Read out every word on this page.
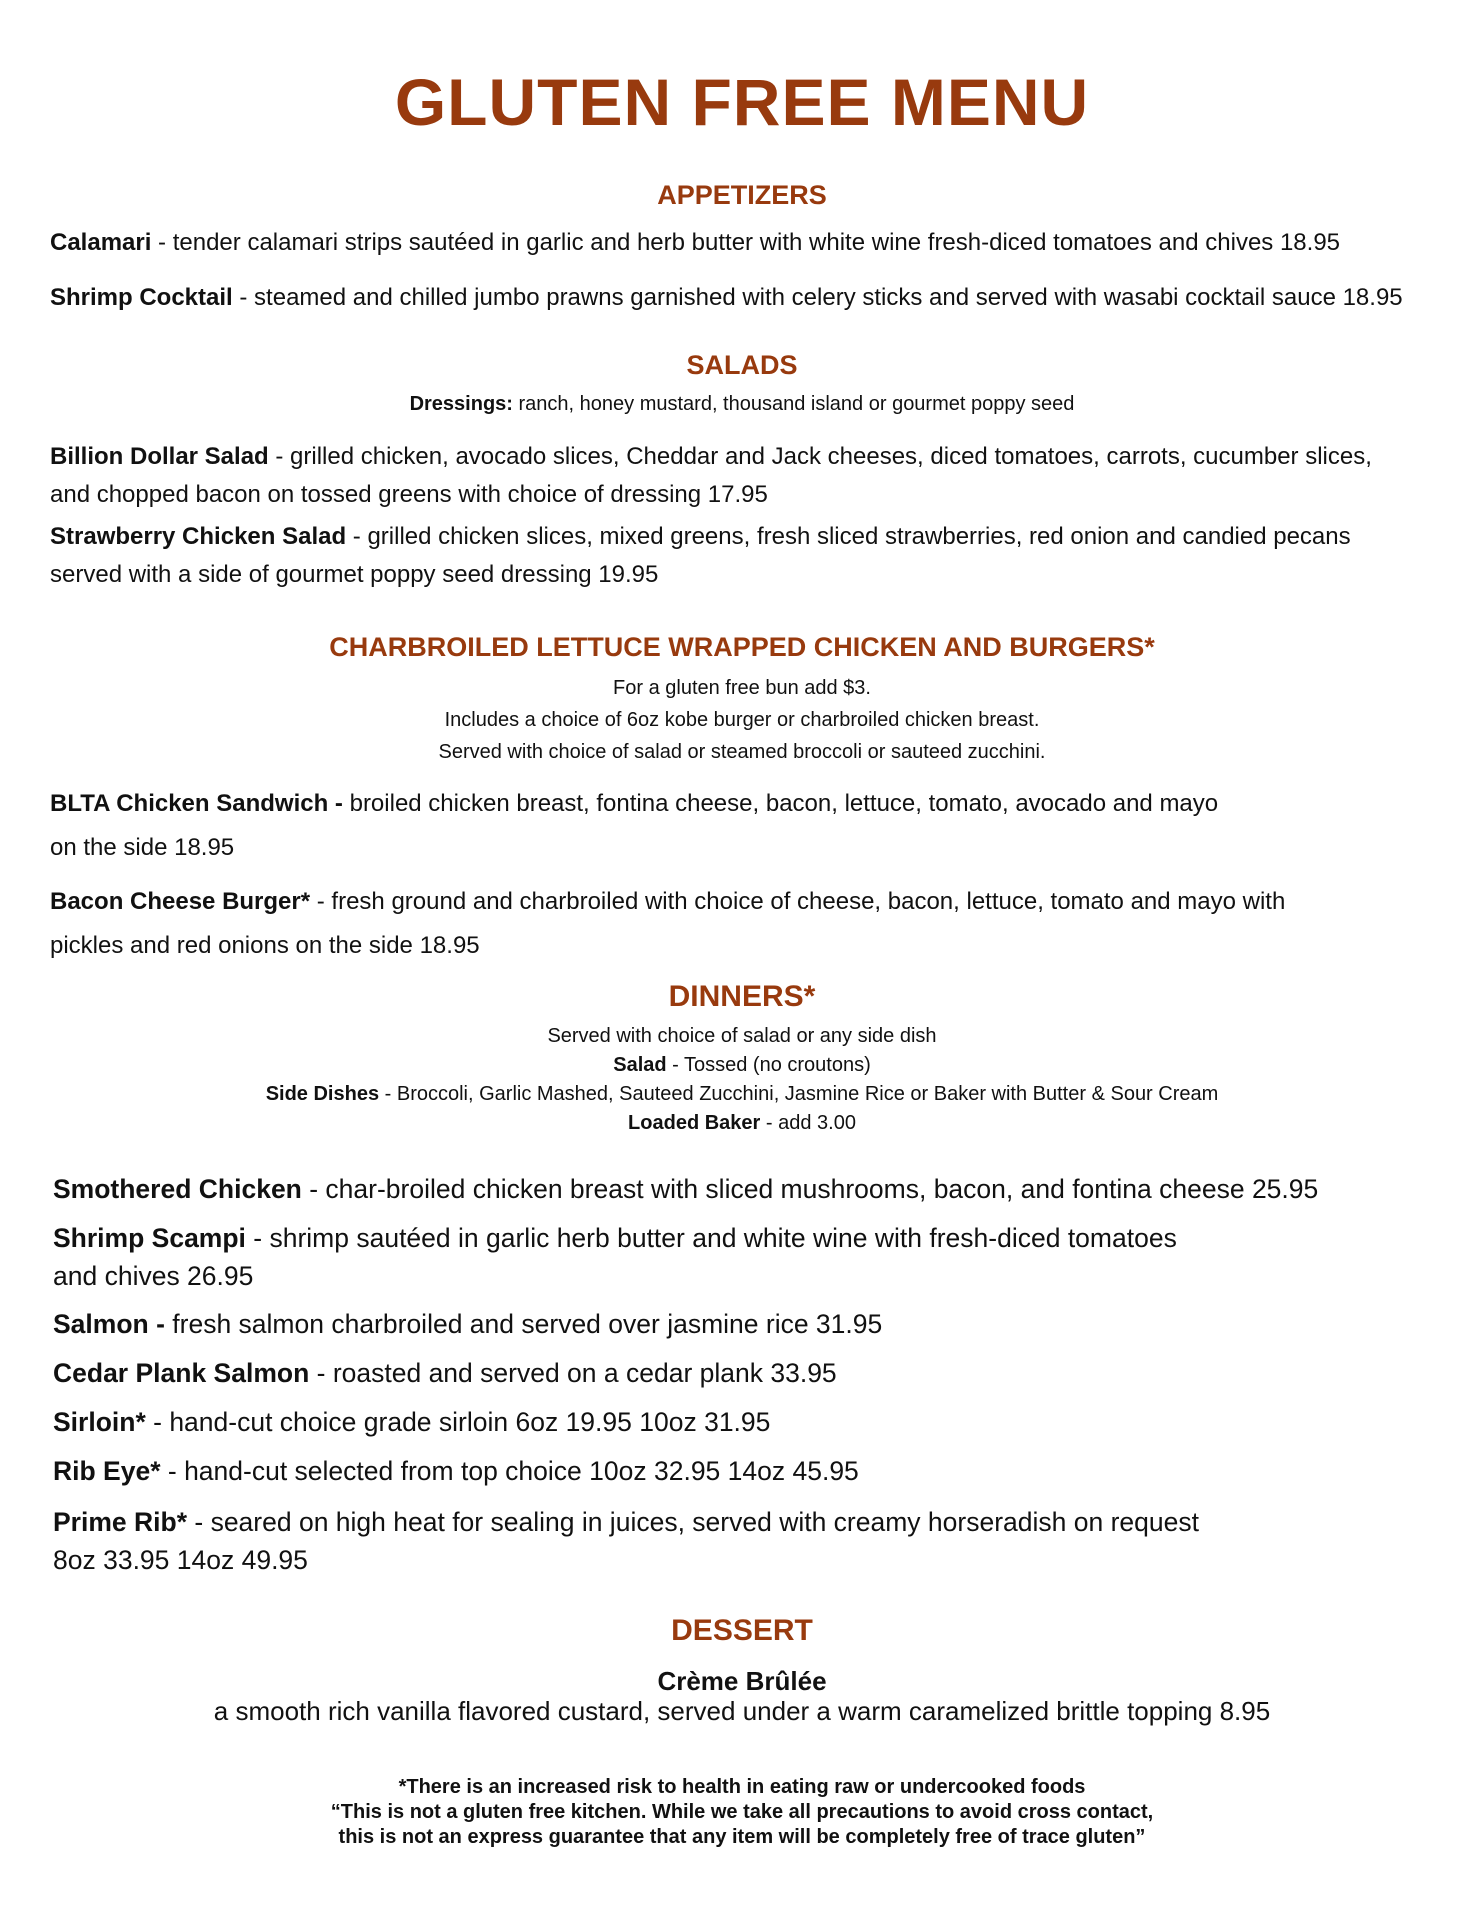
GLUTEN FREE MENU
APPETIZERS

Calamari - tender calamari strips sautéed in garlic and herb butter with white wine fresh-diced tomatoes and chives 18.95

Shrimp Cocktail - steamed and chilled jumbo prawns garnished with celery sticks and served with wasabi cocktail sauce 18.95

SALADS

Dressings: ranch, honey mustard, thousand island or gourmet poppy seed

Billion Dollar Salad - grilled chicken, avocado slices, Cheddar and Jack cheeses, diced tomatoes, carrots, cucumber slices,
and chopped bacon on tossed greens with choice of dressing 17.95

Strawberry Chicken Salad - grilled chicken slices, mixed greens, fresh sliced strawberries, red onion and candied pecans
served with a side of gourmet poppy seed dressing 19.95

CHARBROILED LETTUCE WRAPPED CHICKEN AND BURGERS*

For a gluten free bun add $3.

Includes a choice of 6oz kobe burger or charbroiled chicken breast.

Served with choice of salad or steamed broccoli or sauteed zucchini.

BLTA Chicken Sandwich - broiled chicken breast, fontina cheese, bacon, lettuce, tomato, avocado and mayo
on the side 18.95

Bacon Cheese Burger* - fresh ground and charbroiled with choice of cheese, bacon, lettuce, tomato and mayo with
pickles and red onions on the side 18.95

DINNERS*

Served with choice of salad or any side dish

Salad - Tossed (no croutons)

Side Dishes - Broccoli, Garlic Mashed, Sauteed Zucchini, Jasmine Rice or Baker with Butter & Sour Cream

Loaded Baker - add 3.00

Smothered Chicken - char-broiled chicken breast with sliced mushrooms, bacon, and fontina cheese 25.95

Shrimp Scampi - shrimp sautéed in garlic herb butter and white wine with fresh-diced tomatoes
and chives 26.95

Salmon - fresh salmon charbroiled and served over jasmine rice 31.95

Cedar Plank Salmon - roasted and served on a cedar plank 33.95

Sirloin* - hand-cut choice grade sirloin 6oz 19.95 10oz 31.95

Rib Eye* - hand-cut selected from top choice 10oz 32.95 14oz 45.95

Prime Rib* - seared on high heat for sealing in juices, served with creamy horseradish on request
8oz 33.95 14oz 49.95

DESSERT

Crème Brûlée

a smooth rich vanilla flavored custard, served under a warm caramelized brittle topping 8.95

*There is an increased risk to health in eating raw or undercooked foods
“This is not a gluten free kitchen. While we take all precautions to avoid cross contact,
this is not an express guarantee that any item will be completely free of trace gluten”
